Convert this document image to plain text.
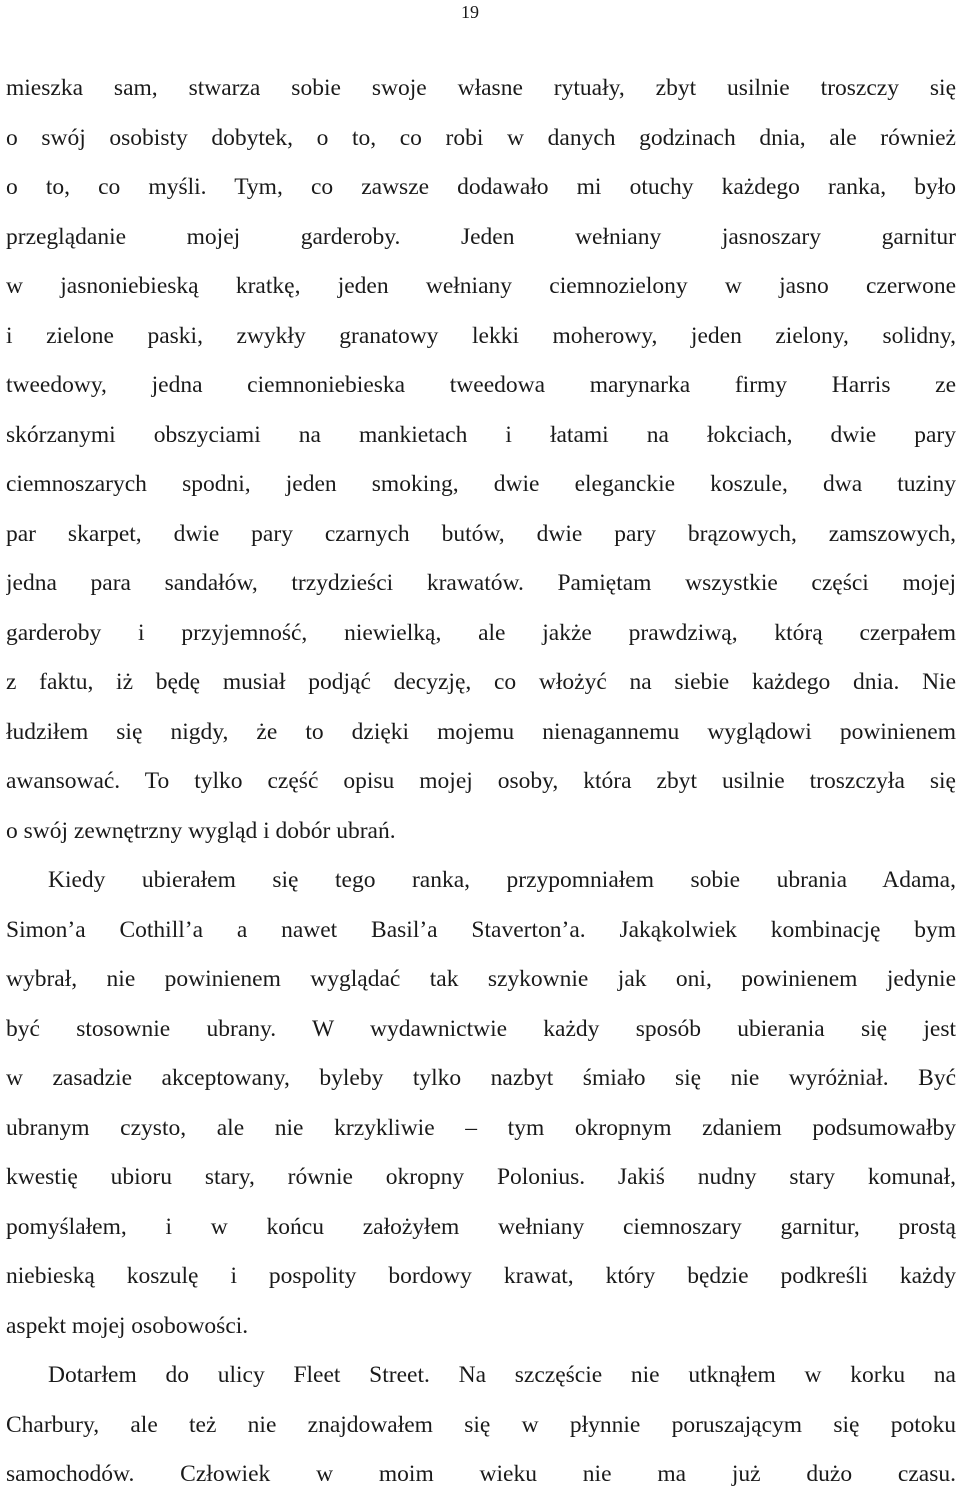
19
mieszka sam, stwarza sobie swoje własne rytuały, zbyt usilnie troszczy się
o swój osobisty dobytek, o to, co robi w danych godzinach dnia, ale również
o to, co myśli. Tym, co zawsze dodawało mi otuchy każdego ranka, było
przeglądanie mojej garderoby. Jeden wełniany jasnoszary garnitur
w jasnoniebieską kratkę, jeden wełniany ciemnozielony w jasno czerwone
i zielone paski, zwykły granatowy lekki moherowy, jeden zielony, solidny,
tweedowy, jedna ciemnoniebieska tweedowa marynarka firmy Harris ze
skórzanymi obszyciami na mankietach i łatami na łokciach, dwie pary
ciemnoszarych spodni, jeden smoking, dwie eleganckie koszule, dwa tuziny
par skarpet, dwie pary czarnych butów, dwie pary brązowych, zamszowych,
jedna para sandałów, trzydzieści krawatów. Pamiętam wszystkie części mojej
garderoby i przyjemność, niewielką, ale jakże prawdziwą, którą czerpałem
z faktu, iż będę musiał podjąć decyzję, co włożyć na siebie każdego dnia. Nie
łudziłem się nigdy, że to dzięki mojemu nienagannemu wyglądowi powinienem
awansować. To tylko część opisu mojej osoby, która zbyt usilnie troszczyła się
o swój zewnętrzny wygląd i dobór ubrań.
Kiedy ubierałem się tego ranka, przypomniałem sobie ubrania Adama,
Simon’a Cothill’a a nawet Basil’a Staverton’a. Jakąkolwiek kombinację bym
wybrał, nie powinienem wyglądać tak szykownie jak oni, powinienem jedynie
być stosownie ubrany. W wydawnictwie każdy sposób ubierania się jest
w zasadzie akceptowany, byleby tylko nazbyt śmiało się nie wyróżniał. Być
ubranym czysto, ale nie krzykliwie – tym okropnym zdaniem podsumowałby
kwestię ubioru stary, równie okropny Polonius. Jakiś nudny stary komunał,
pomyślałem, i w końcu założyłem wełniany ciemnoszary garnitur, prostą
niebieską koszulę i pospolity bordowy krawat, który będzie podkreśli każdy
aspekt mojej osobowości.
Dotarłem do ulicy Fleet Street. Na szczęście nie utknąłem w korku na
Charbury, ale też nie znajdowałem się w płynnie poruszającym się potoku
samochodów. Człowiek w moim wieku nie ma już dużo czasu.
